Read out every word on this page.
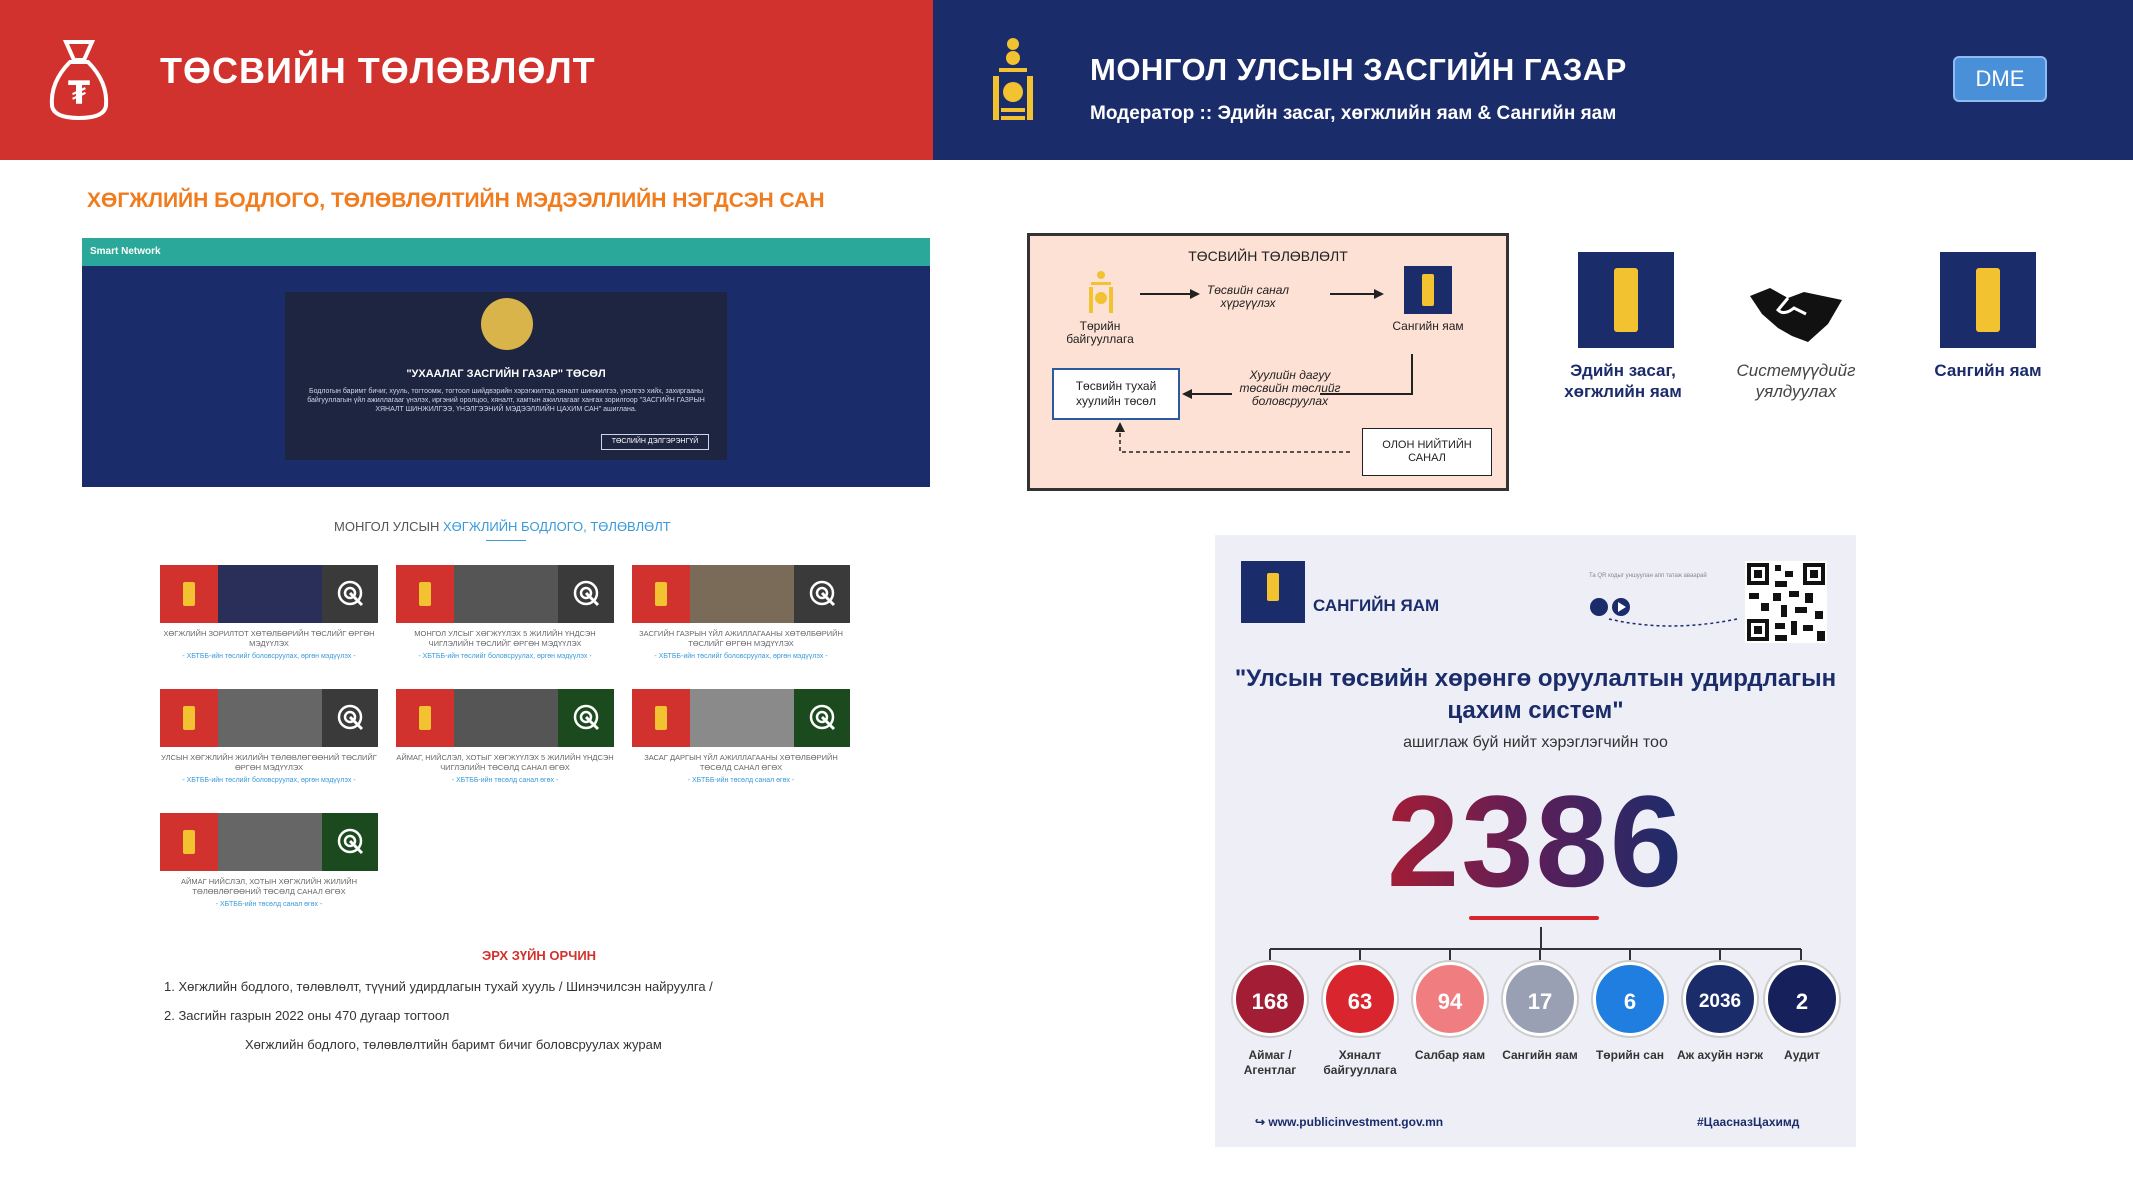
₮
ТӨСВИЙН ТӨЛӨВЛӨЛТ	МОНГОЛ УЛСЫН ЗАСГИЙН ГАЗАР
Модератор :: Эдийн засаг, хөгжлийн яам & Сангийн яам
DME
ХӨГЖЛИЙН БОДЛОГО, ТӨЛӨВЛӨЛТИЙН МЭДЭЭЛЛИЙН НЭГДСЭН САН
Smart Network
"УХААЛАГ ЗАСГИЙН ГАЗАР" ТӨСӨЛ
Бодлогын баримт бичиг, хууль, тогтоомж, тогтоол шийдвэрийн хэрэгжилтэд хяналт шинжилгээ, үнэлгээ хийх, захиргааны байгууллагын үйл ажиллагааг үнэлэх, иргэний оролцоо, хяналт, хамтын ажиллагааг хангах зорилгоор "ЗАСГИЙН ГАЗРЫН ХЯНАЛТ ШИНЖИЛГЭЭ, ҮНЭЛГЭЭНИЙ МЭДЭЭЛЛИЙН ЦАХИМ САН" ашиглана.
ТӨСЛИЙН ДЭЛГЭРЭНГҮЙ
МОНГОЛ УЛСЫН ХӨГЖЛИЙН БОДЛОГО, ТӨЛӨВЛӨЛТ
ХӨГЖЛИЙН ЗОРИЛТОТ ХӨТӨЛБӨРИЙН ТӨСЛИЙГ ӨРГӨН МЭДҮҮЛЭХ
- ХБТББ-ийн төслийг боловсруулах, өргөн мэдүүлэх -
МОНГОЛ УЛСЫГ ХӨГЖҮҮЛЭХ 5 ЖИЛИЙН ҮНДСЭН ЧИГЛЭЛИЙН ТӨСЛИЙГ ӨРГӨН МЭДҮҮЛЭХ
- ХБТББ-ийн төслийг боловсруулах, өргөн мэдүүлэх -
ЗАСГИЙН ГАЗРЫН ҮЙЛ АЖИЛЛАГААНЫ ХӨТӨЛБӨРИЙН ТӨСЛИЙГ ӨРГӨН МЭДҮҮЛЭХ
- ХБТББ-ийн төслийг боловсруулах, өргөн мэдүүлэх -
УЛСЫН ХӨГЖЛИЙН ЖИЛИЙН ТӨЛӨВЛӨГӨӨНИЙ ТӨСЛИЙГ ӨРГӨН МЭДҮҮЛЭХ
- ХБТББ-ийн төслийг боловсруулах, өргөн мэдүүлэх -
АЙМАГ, НИЙСЛЭЛ, ХОТЫГ ХӨГЖҮҮЛЭХ 5 ЖИЛИЙН ҮНДСЭН ЧИГЛЭЛИЙН ТӨСӨЛД САНАЛ ӨГӨХ
- ХБТББ-ийн төсөлд санал өгөх -
ЗАСАГ ДАРГЫН ҮЙЛ АЖИЛЛАГААНЫ ХӨТӨЛБӨРИЙН ТӨСӨЛД САНАЛ ӨГӨХ
- ХБТББ-ийн төсөлд санал өгөх -
АЙМАГ НИЙСЛЭЛ, ХОТЫН ХӨГЖЛИЙН ЖИЛИЙН ТӨЛӨВЛӨГӨӨНИЙ ТӨСӨЛД САНАЛ ӨГӨХ
- ХБТББ-ийн төсөлд санал өгөх -
ЭРХ ЗҮЙН ОРЧИН
1. Хөгжлийн бодлого, төлөвлөлт, түүний удирдлагын тухай хууль / Шинэчилсэн найруулга /
2. Засгийн газрын 2022 оны 470 дугаар тогтоол
Хөгжлийн бодлого, төлөвлөлтийн баримт бичиг боловсруулах журам
ТӨСВИЙН ТӨЛӨВЛӨЛТ
Төрийн байгууллага
Төсвийн санал хүргүүлэх
Сангийн яам
Хуулийн дагуу төсвийн төслийг боловсруулах
Төсвийн тухай хуулийн төсөл
ОЛОН НИЙТИЙН САНАЛ
Эдийн засаг, хөгжлийн яам
Системүүдийг уялдуулах
Сангийн яам
САНГИЙН ЯАМ
Та QR кодыг уншуулан апп татаж аваарай
"Улсын төсвийн хөрөнгө оруулалтын удирдлагын цахим систем"
ашиглаж буй нийт хэрэглэгчийн тоо
2386
168
Аймаг / Агентлаг
63
Хяналт байгууллага
94
Салбар яам
17
Сангийн яам
6
Төрийн сан
2036
Аж ахуйн нэгж
2
Аудит
↪ www.publicinvestment.gov.mn	#ЦаасназЦахимд
